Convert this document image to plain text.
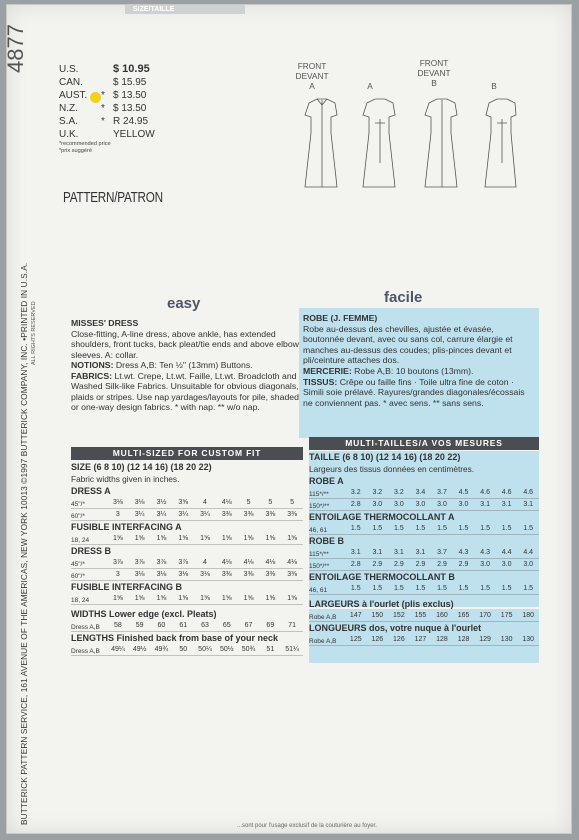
SIZE/TAILLE
4877
BUTTERICK PATTERN SERVICE, 161 AVENUE OF THE AMERICAS, NEW YORK 10013 ©1997 BUTTERICK COMPANY, INC. •PRINTED IN U.S.A. ALL RIGHTS RESERVED
U.S.	$ 10.95
CAN.	$ 15.95
AUST.	* $ 13.50
N.Z.	* $ 13.50
S.A.	* R 24.95
U.K.	YELLOW
*recommended price
*prix suggéré
PATTERN/PATRON
FRONT
DEVANT
A	A
FRONT
DEVANT
B	B
easy	facile
MISSES' DRESS
Close-fitting, A-line dress, above ankle, has extended shoulders, front tucks, back pleat/tie ends and above elbow sleeves. A: collar.
NOTIONS: Dress A,B: Ten ½" (13mm) Buttons.
FABRICS: Lt.wt. Crepe, Lt.wt. Faille, Lt.wt. Broadcloth and Washed Silk-like Fabrics. Unsuitable for obvious diagonals, plaids or stripes. Use nap yardages/layouts for pile, shaded or one-way design fabrics. * with nap. ** w/o nap.
ROBE (J. FEMME)
Robe au-dessus des chevilles, ajustée et évasée, boutonnée devant, avec ou sans col, carrure élargie et manches au-dessus des coudes; plis-pinces devant et pli/ceinture attaches dos.
MERCERIE: Robe A,B: 10 boutons (13mm).
TISSUS: Crêpe ou faille fins · Toile ultra fine de coton · Simili soie prélavé. Rayures/grandes diagonales/écossais ne conviennent pas. * avec sens. ** sans sens.
MULTI-SIZED FOR CUSTOM FIT
MULTI-TAILLES/A VOS MESURES
SIZE (6 8 10) (12 14 16) (18 20 22)
Fabric widths given in inches.
DRESS A
45"/*	3⅛	3⅛	3½	3⅝	4	4⅛	5	5	5
60"/*	3	3¼	3¼	3¼	3¼	3⅜	3⅜	3⅜	3⅜
FUSIBLE INTERFACING A
18, 24	1⅝	1⅝	1⅝	1⅝	1⅝	1⅝	1⅝	1⅝	1⅝
DRESS B
45"/*	3⅞	3⅞	3⅞	3⅞	4	4⅛	4⅛	4⅛	4⅛
60"/*	3	3⅛	3⅛	3⅛	3⅛	3⅜	3⅜	3⅜	3⅜
FUSIBLE INTERFACING B
18, 24	1⅝	1⅝	1⅝	1⅝	1⅝	1⅝	1⅝	1⅝	1⅝
WIDTHS Lower edge (excl. Pleats)
Dress A,B	58	59	60	61	63	65	67	69	71
LENGTHS Finished back from base of your neck
Dress A,B	49¼	49½	49¾	50	50¼	50½	50¾	51	51¼
TAILLE (6 8 10) (12 14 16) (18 20 22)
Largeurs des tissus données en centimètres.
ROBE A
115*/**	3.2	3.2	3.2	3.4	3.7	4.5	4.6	4.6	4.6
150*/**	2.8	3.0	3.0	3.0	3.0	3.0	3.1	3.1	3.1
ENTOILAGE THERMOCOLLANT A
46, 61	1.5	1.5	1.5	1.5	1.5	1.5	1.5	1.5	1.5
ROBE B
115*/**	3.1	3.1	3.1	3.1	3.7	4.3	4.3	4.4	4.4
150*/**	2.8	2.9	2.9	2.9	2.9	2.9	3.0	3.0	3.0
ENTOILAGE THERMOCOLLANT B
46, 61	1.5	1.5	1.5	1.5	1.5	1.5	1.5	1.5	1.5
LARGEURS à l'ourlet (plis exclus)
Robe A,B	147	150	152	155	160	165	170	175	180
LONGUEURS dos, votre nuque à l'ourlet
Robe A,B	125	126	126	127	128	128	129	130	130
...sont pour l'usage exclusif de la couturière au foyer.
